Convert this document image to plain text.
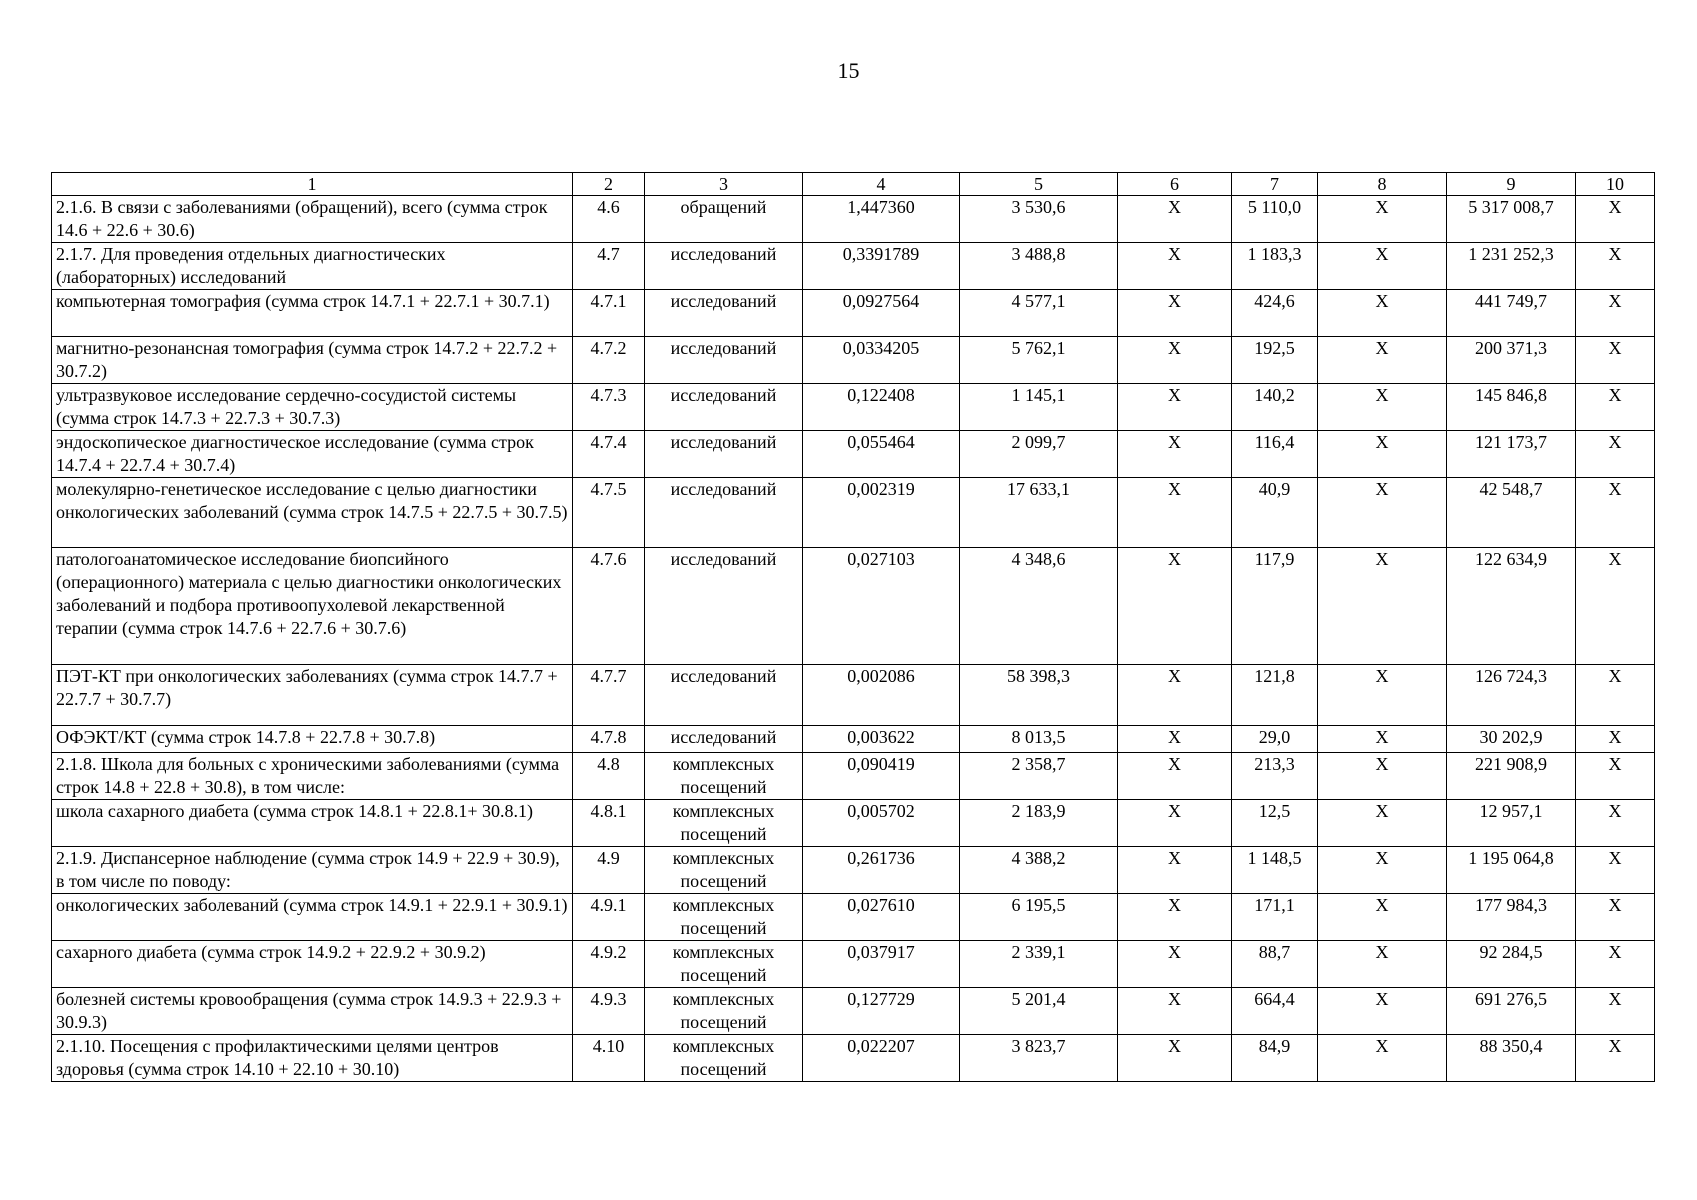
15
1	2	3	4	5	6	7	8	9	10
2.1.6. В связи с заболеваниями (обращений), всего (сумма строк 14.6 + 22.6 + 30.6)	4.6	обращений	1,447360	3 530,6	Х	5 110,0	Х	5 317 008,7	Х
2.1.7. Для проведения отдельных диагностических (лабораторных) исследований	4.7	исследований	0,3391789	3 488,8	Х	1 183,3	Х	1 231 252,3	Х
компьютерная томография (сумма строк 14.7.1 + 22.7.1 + 30.7.1)	4.7.1	исследований	0,0927564	4 577,1	Х	424,6	Х	441 749,7	Х
магнитно-резонансная томография (сумма строк 14.7.2 + 22.7.2 + 30.7.2)	4.7.2	исследований	0,0334205	5 762,1	Х	192,5	Х	200 371,3	Х
ультразвуковое исследование сердечно-сосудистой системы (сумма строк 14.7.3 + 22.7.3 + 30.7.3)	4.7.3	исследований	0,122408	1 145,1	Х	140,2	Х	145 846,8	Х
эндоскопическое диагностическое исследование (сумма строк 14.7.4 + 22.7.4 + 30.7.4)	4.7.4	исследований	0,055464	2 099,7	Х	116,4	Х	121 173,7	Х
молекулярно-генетическое исследование с целью диагностики онкологических заболеваний (сумма строк 14.7.5 + 22.7.5 + 30.7.5)	4.7.5	исследований	0,002319	17 633,1	Х	40,9	Х	42 548,7	Х
патологоанатомическое исследование биопсийного (операционного) материала с целью диагностики онкологических заболеваний и подбора противоопухолевой лекарственной терапии (сумма строк 14.7.6 + 22.7.6 + 30.7.6)	4.7.6	исследований	0,027103	4 348,6	Х	117,9	Х	122 634,9	Х
ПЭТ-КТ при онкологических заболеваниях (сумма строк 14.7.7 + 22.7.7 + 30.7.7)	4.7.7	исследований	0,002086	58 398,3	Х	121,8	Х	126 724,3	Х
ОФЭКТ/КТ (сумма строк 14.7.8 + 22.7.8 + 30.7.8)	4.7.8	исследований	0,003622	8 013,5	Х	29,0	Х	30 202,9	Х
2.1.8. Школа для больных с хроническими заболеваниями (сумма строк 14.8 + 22.8 + 30.8), в том числе:	4.8	комплексных посещений	0,090419	2 358,7	Х	213,3	Х	221 908,9	Х
школа сахарного диабета (сумма строк 14.8.1 + 22.8.1+ 30.8.1)	4.8.1	комплексных посещений	0,005702	2 183,9	Х	12,5	Х	12 957,1	Х
2.1.9. Диспансерное наблюдение (сумма строк 14.9 + 22.9 + 30.9), в том числе по поводу:	4.9	комплексных посещений	0,261736	4 388,2	Х	1 148,5	Х	1 195 064,8	Х
онкологических заболеваний (сумма строк 14.9.1 + 22.9.1 + 30.9.1)	4.9.1	комплексных посещений	0,027610	6 195,5	Х	171,1	Х	177 984,3	Х
сахарного диабета (сумма строк 14.9.2 + 22.9.2 + 30.9.2)	4.9.2	комплексных посещений	0,037917	2 339,1	Х	88,7	Х	92 284,5	Х
болезней системы кровообращения (сумма строк 14.9.3 + 22.9.3 + 30.9.3)	4.9.3	комплексных посещений	0,127729	5 201,4	Х	664,4	Х	691 276,5	Х
2.1.10. Посещения с профилактическими целями центров здоровья (сумма строк 14.10 + 22.10 + 30.10)	4.10	комплексных посещений	0,022207	3 823,7	Х	84,9	Х	88 350,4	Х
